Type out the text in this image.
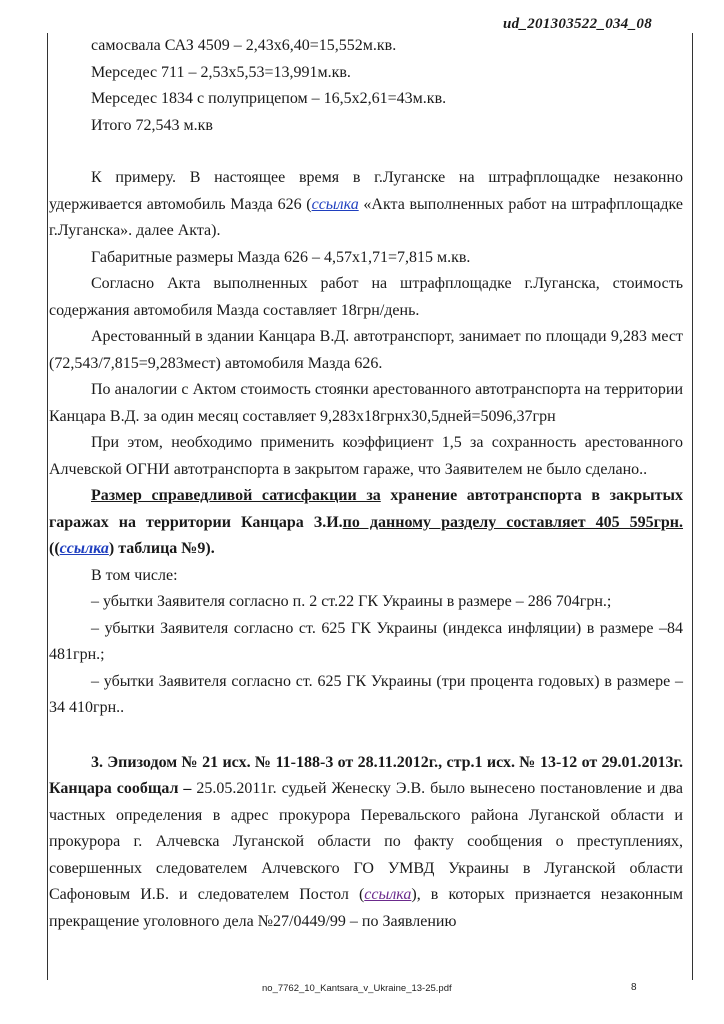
ud_201303522_034_08

самосвала САЗ 4509 – 2,43х6,40=15,552м.кв.

Мерседес 711 – 2,53х5,53=13,991м.кв.

Мерседес 1834 с полуприцепом – 16,5х2,61=43м.кв.

Итого 72,543 м.кв

К примеру. В настоящее время в г.Луганске на штрафплощадке незаконно удерживается автомобиль Мазда 626 (ссылка «Акта выполненных работ на штрафплощадке г.Луганска». далее Акта).

Габаритные размеры Мазда 626 – 4,57х1,71=7,815 м.кв.

Согласно Акта выполненных работ на штрафплощадке г.Луганска, стоимость содержания автомобиля Мазда составляет 18грн/день.

Арестованный в здании Канцара В.Д. автотранспорт, занимает по площади 9,283 мест (72,543/7,815=9,283мест) автомобиля Мазда 626.

По аналогии с Актом стоимость стоянки арестованного автотранспорта на территории Канцара В.Д. за один месяц составляет 9,283х18грнх30,5дней=5096,37грн

При этом, необходимо применить коэффициент 1,5 за сохранность арестованного Алчевской ОГНИ автотранспорта в закрытом гараже, что Заявителем не было сделано..

Размер справедливой сатисфакции за хранение автотранспорта в закрытых гаражах на территории Канцара З.И.по данному разделу составляет 405 595грн. ((ссылка) таблица №9).

В том числе:

– убытки Заявителя согласно п. 2 ст.22 ГК Украины в размере – 286 704грн.;

– убытки Заявителя согласно ст. 625 ГК Украины (индекса инфляции) в размере –84 481грн.;

– убытки Заявителя согласно ст. 625 ГК Украины (три процента годовых) в размере – 34 410грн..

3. Эпизодом № 21 исх. № 11-188-3 от 28.11.2012г., стр.1 исх. № 13-12 от 29.01.2013г. Канцара сообщал – 25.05.2011г. судьей Женеску Э.В. было вынесено постановление и два частных определения в адрес прокурора Перевальского района Луганской области и прокурора г. Алчевска Луганской области по факту сообщения о преступлениях, совершенных следователем Алчевского ГО УМВД Украины в Луганской области Сафоновым И.Б. и следователем Постол (ссылка), в которых признается незаконным прекращение уголовного дела №27/0449/99 – по Заявлению

no_7762_10_Kantsara_v_Ukraine_13-25.pdf	8
